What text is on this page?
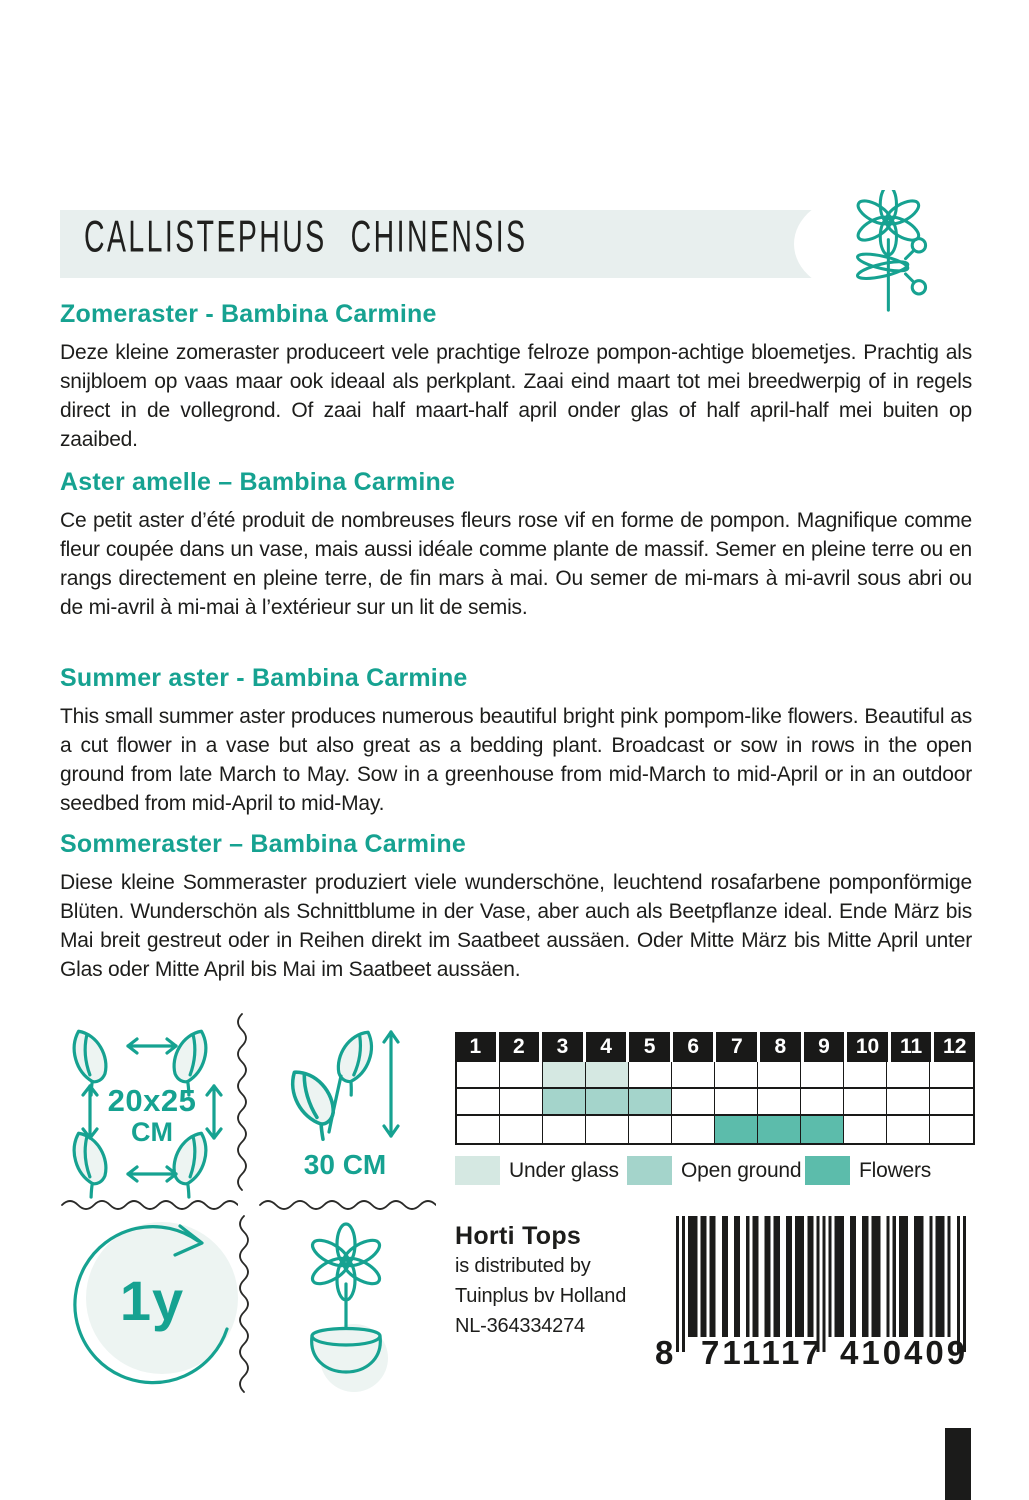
CALLISTEPHUS CHINENSIS
Zomeraster - Bambina Carmine

Deze kleine zomeraster produceert vele prachtige felroze pompon-achtige bloemetjes. Prachtig als snijbloem op vaas maar ook ideaal als perkplant. Zaai eind maart tot mei breedwerpig of in regels direct in de vollegrond. Of zaai half maart-half april onder glas of half april-half mei buiten op zaaibed.

Aster amelle – Bambina Carmine

Ce petit aster d’été produit de nombreuses fleurs rose vif en forme de pompon. Magnifique comme fleur coupée dans un vase, mais aussi idéale comme plante de massif. Semer en pleine terre ou en rangs directement en pleine terre, de fin mars à mai. Ou semer de mi-mars à mi-avril sous abri ou de mi-avril à mi-mai à l’extérieur sur un lit de semis.

Summer aster - Bambina Carmine

This small summer aster produces numerous beautiful bright pink pompom-like flowers. Beautiful as a cut flower in a vase but also great as a bedding plant. Broadcast or sow in rows in the open ground from late March to May. Sow in a greenhouse from mid-March to mid-April or in an outdoor seedbed from mid-April to mid-May.

Sommeraster – Bambina Carmine

Diese kleine Sommeraster produziert viele wunderschöne, leuchtend rosafarbene pomponförmige Blüten. Wunderschön als Schnittblume in der Vase, aber auch als Beetpflanze ideal. Ende März bis Mai breit gestreut oder in Reihen direkt im Saatbeet aussäen. Oder Mitte März bis Mitte April unter Glas oder Mitte April bis Mai im Saatbeet aussäen.

20x25
CM
30 CM
1	2	3	4	5	6	7	8	9	10 11 12
Under glass	Open ground	Flowers
1y
Horti Tops
is distributed by
Tuinplus bv Holland
NL-364334274
8 711117 410409
